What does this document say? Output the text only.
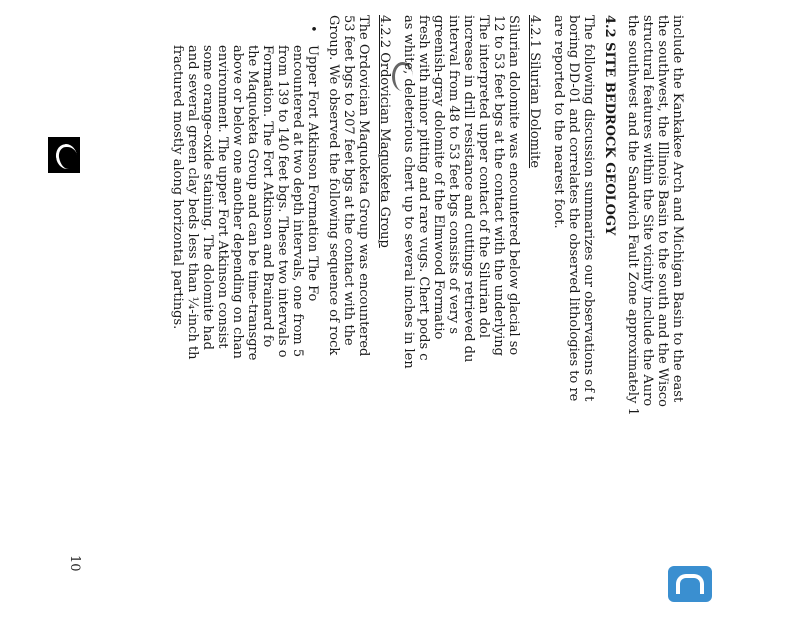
include the Kankakee Arch and Michigan Basin to the east
the southwest, the Illinois Basin to the south and the Wisco
structural features within the Site vicinity include the Auro
the southwest and the Sandwich Fault Zone approximately 1
4.2 SITE BEDROCK GEOLOGY
The following discussion summarizes our observations of t
boring DD-01 and correlates the observed lithologies to re
are reported to the nearest foot.
4.2.1 Silurian Dolomite
Silurian dolomite was encountered below glacial so
12 to 53 feet bgs at the contact with the underlying
The interpreted upper contact of the Silurian dol
increase in drill resistance and cuttings retrieved du
interval from 48 to 53 feet bgs consists of very s
greenish-gray dolomite of the Elmwood Formatio
fresh with minor pitting and rare vugs. Chert pods c
as white, deleterious chert up to several inches in len
4.2.2 Ordovician Maquoketa Group
The Ordovician Maquoketa Group was encountered
53 feet bgs to 207 feet bgs at the contact with the
Group. We observed the following sequence of rock
•
Upper Fort Atkinson Formation The Fo
encountered at two depth intervals, one from 5
from 139 to 140 feet bgs. These two intervals o
Formation. The Fort Atkinson and Brainard fo
the Maquoketa Group and can be time-transgre
above or below one another depending on chan
environment. The upper Fort Atkinson consist
some orange-oxide staining. The dolomite had
and several green clay beds less than ¼-inch th
fractured mostly along horizontal partings.
10
